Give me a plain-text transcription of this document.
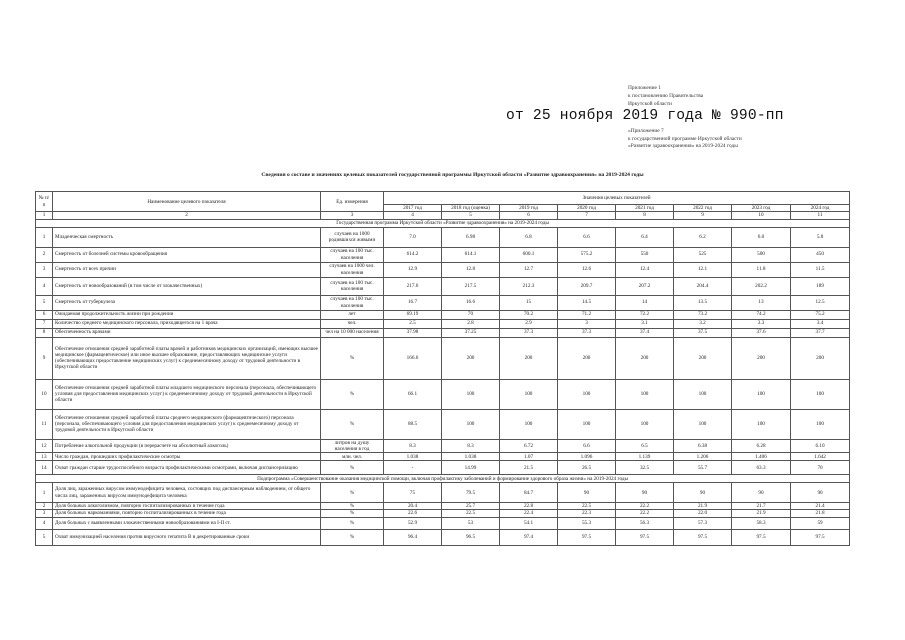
Приложение 1
к постановлению Правительства
Иркутской области
от 25 ноября 2019 года № 990-пп
«Приложение 7
к государственной программе Иркутской области
«Развитие здравоохранения» на 2019-2024 годы
Сведения о составе и значениях целевых показателей государственной программы Иркутской области «Развитие здравоохранения» на 2019-2024 годы
№ п/п	Наименование целевого показателя	Ед. измерения	Значения целевых показателей							
			2017 год	2018 год (оценка)	2019 год	2020 год	2021 год	2022 год	2023 год	2024 год
1	2	3	4	5	6	7	8	9	10	11
Государственная программа Иркутской области «Развитие здравоохранения» на 2019-2024 годы										
1	Младенческая смертность	случаев на 1000 родившихся живыми	7.0	6.98	6.8	6.6	6.4	6.2	6.0	5.8
2	Смертность от болезней системы кровообращения	случаев на 100 тыс. населения	614.2	614.1	600.1	575.2	550	525	500	450
3	Смертность от всех причин	случаев на 1000 чел. населения	12.9	12.8	12.7	12.6	12.4	12.1	11.8	11.5
4	Смертность от новообразований (в том числе от злокачественных)	случаев на 100 тыс. населения	217.6	217.5	212.3	209.7	207.2	204.4	202.2	189
5	Смертность от туберкулеза	случаев на 100 тыс. населения	16.7	16.6	15	14.5	14	13.5	13	12.5
6	Ожидаемая продолжительность жизни при рождении	лет	69.19	70	70.2	71.2	72.2	73.2	74.2	75.2
7	Количество среднего медицинского персонала, приходящегося на 1 врача	чел.	2.5	2.8	2.9	3	3.1	3.2	3.3	3.4
8	Обеспеченность врачами	чел на 10 000 населения	37.98	37.25	37.3	37.3	37.4	37.5	37.6	37.7
9	Обеспечение отношения средней заработной платы врачей и работников медицинских организаций, имеющих высшее медицинское (фармацевтическое) или иное высшее образование, предоставляющих медицинские услуги (обеспечивающих предоставление медицинских услуг) к среднемесячному доходу от трудовой деятельности в Иркутской области	%	166.6	200	200	200	200	200	200	200
10	Обеспечение отношения средней заработной платы младшего медицинского персонала (персонала, обеспечивающего условия для предоставления медицинских услуг) к среднемесячному доходу от трудовой деятельности в Иркутской области	%	66.1	100	100	100	100	100	100	100
11	Обеспечение отношения средней заработной платы среднего медицинского (фармацевтического) персонала (персонала, обеспечивающего условия для предоставления медицинских услуг) к среднемесячному доходу от трудовой деятельности в Иркутской области	%	88.5	100	100	100	100	100	100	100
12	Потребление алкогольной продукции (в перерасчете на абсолютный алкоголь)	литров на душу населения в год	8.3	8.3	6.72	6.6	6.5	6.38	6.28	6.10
13	Число граждан, прошедших профилактические осмотры	млн. чел.	1.038	1.038	1.07	1.096	1.139	1.206	1.406	1.642
14	Охват граждан старше трудоспособного возраста профилактическими осмотрами, включая диспансеризацию	%	-	14.99	21.5	26.5	32.5	55.7	63.3	70
Подпрограмма «Совершенствование оказания медицинской помощи, включая профилактику заболеваний и формирование здорового образа жизни» на 2019-2024 годы										
1	Доля лиц, зараженных вирусом иммунодефицита человека, состоящих под диспансерным наблюдением, от общего числа лиц, зараженных вирусом иммунодефицита человека	%	75	79.5	84.7	90	90	90	90	90
2	Доля больных алкоголизмом, повторно госпитализированных в течение года	%	20.4	25.7	22.8	22.5	22.2	21.9	21.7	21.4
3	Доля больных наркоманиями, повторно госпитализированных в течение года	%	22.6	22.5	22.4	22.3	22.2	22.0	21.9	21.8
4	Доля больных с выявленными злокачественными новообразованиями на I-II ст.	%	52.9	53	54.1	55.3	56.3	57.3	58.3	59
5	Охват иммунизацией населения против вирусного гепатита В в декретированные сроки	%	96.4	96.5	97.4	97.5	97.5	97.5	97.5	97.5
